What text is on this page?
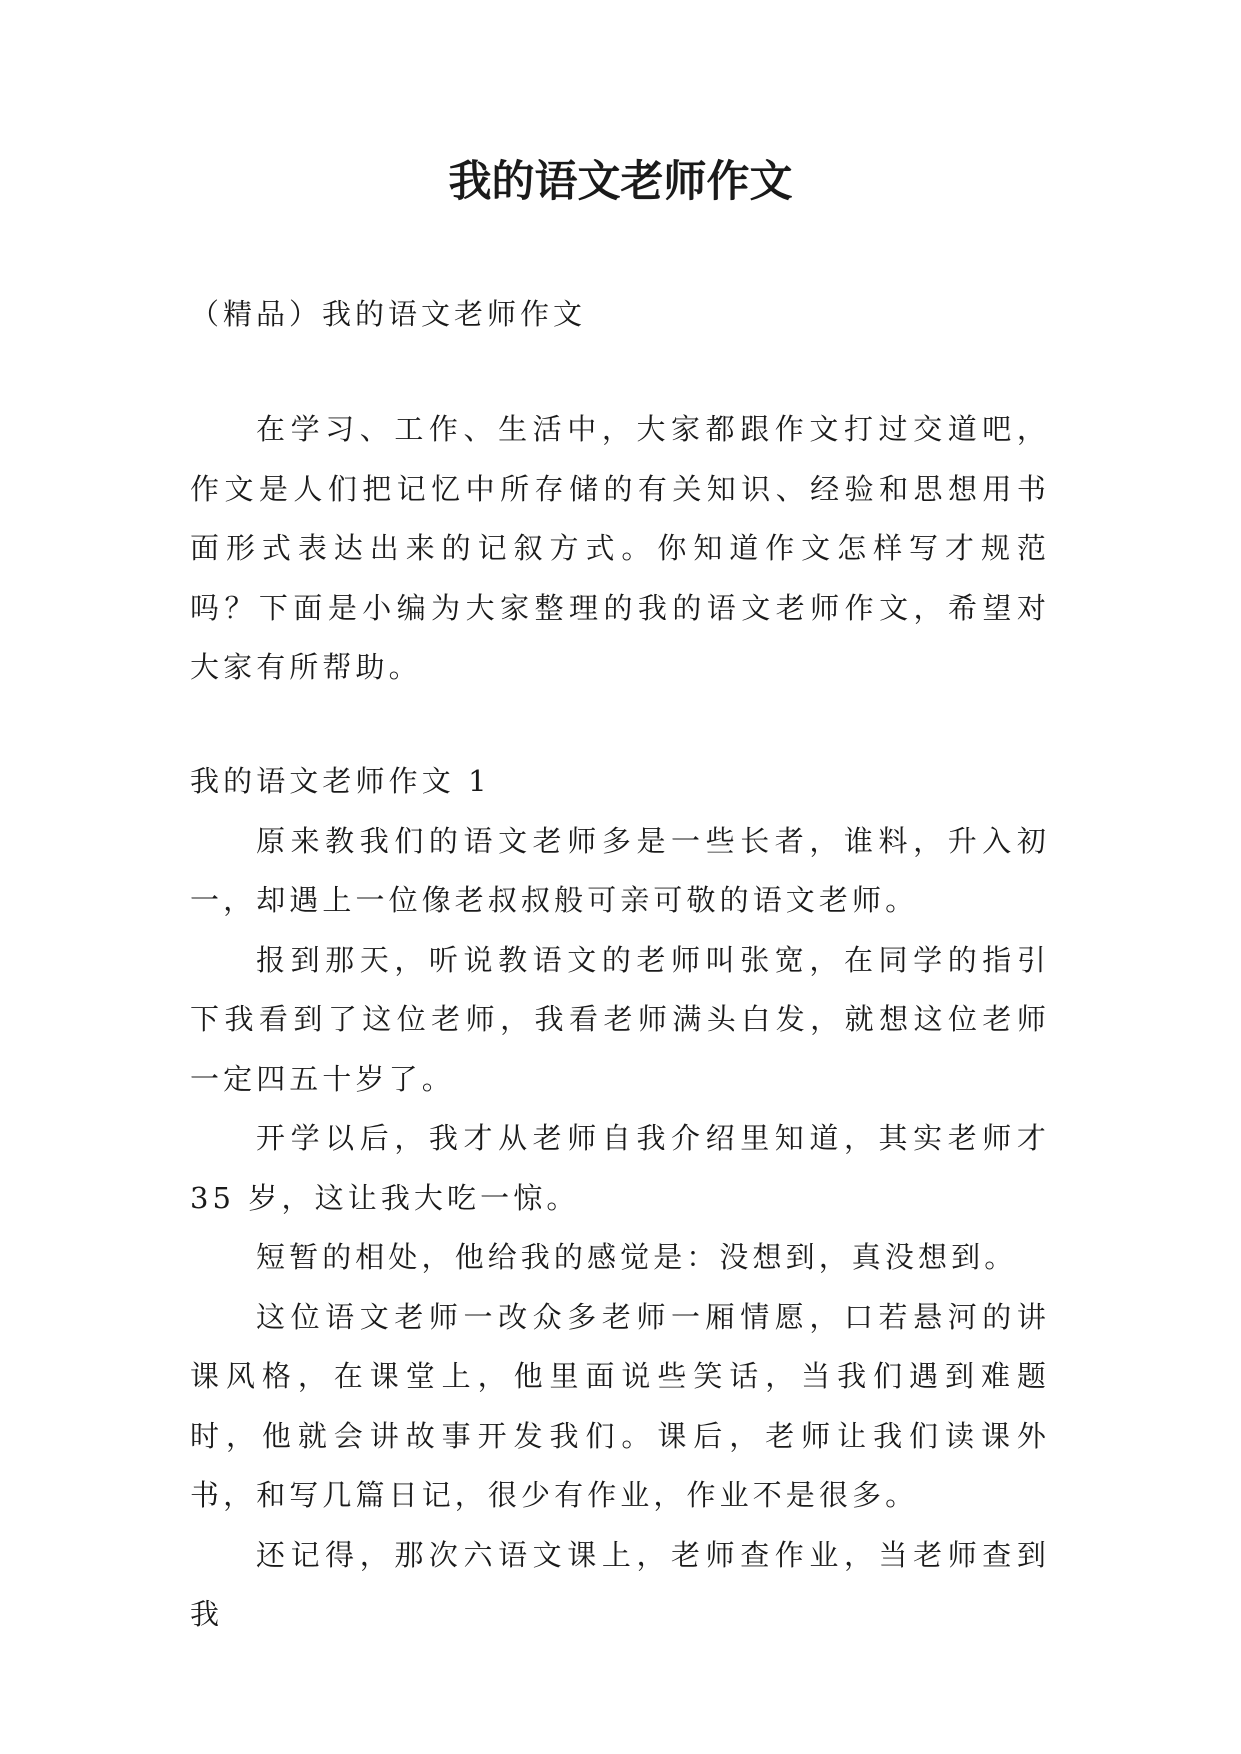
我的语文老师作文

（精品）我的语文老师作文

在学习、工作、生活中，大家都跟作文打过交道吧，作文是人们把记忆中所存储的有关知识、经验和思想用书面形式表达出来的记叙方式。你知道作文怎样写才规范吗？下面是小编为大家整理的我的语文老师作文，希望对大家有所帮助。

我的语文老师作文 1

原来教我们的语文老师多是一些长者，谁料，升入初一，却遇上一位像老叔叔般可亲可敬的语文老师。

报到那天，听说教语文的老师叫张宽，在同学的指引下我看到了这位老师，我看老师满头白发，就想这位老师一定四五十岁了。

开学以后，我才从老师自我介绍里知道，其实老师才 35 岁，这让我大吃一惊。

短暂的相处，他给我的感觉是：没想到，真没想到。

这位语文老师一改众多老师一厢情愿，口若悬河的讲课风格，在课堂上，他里面说些笑话，当我们遇到难题时，他就会讲故事开发我们。课后，老师让我们读课外书，和写几篇日记，很少有作业，作业不是很多。

还记得，那次六语文课上，老师查作业，当老师查到我
